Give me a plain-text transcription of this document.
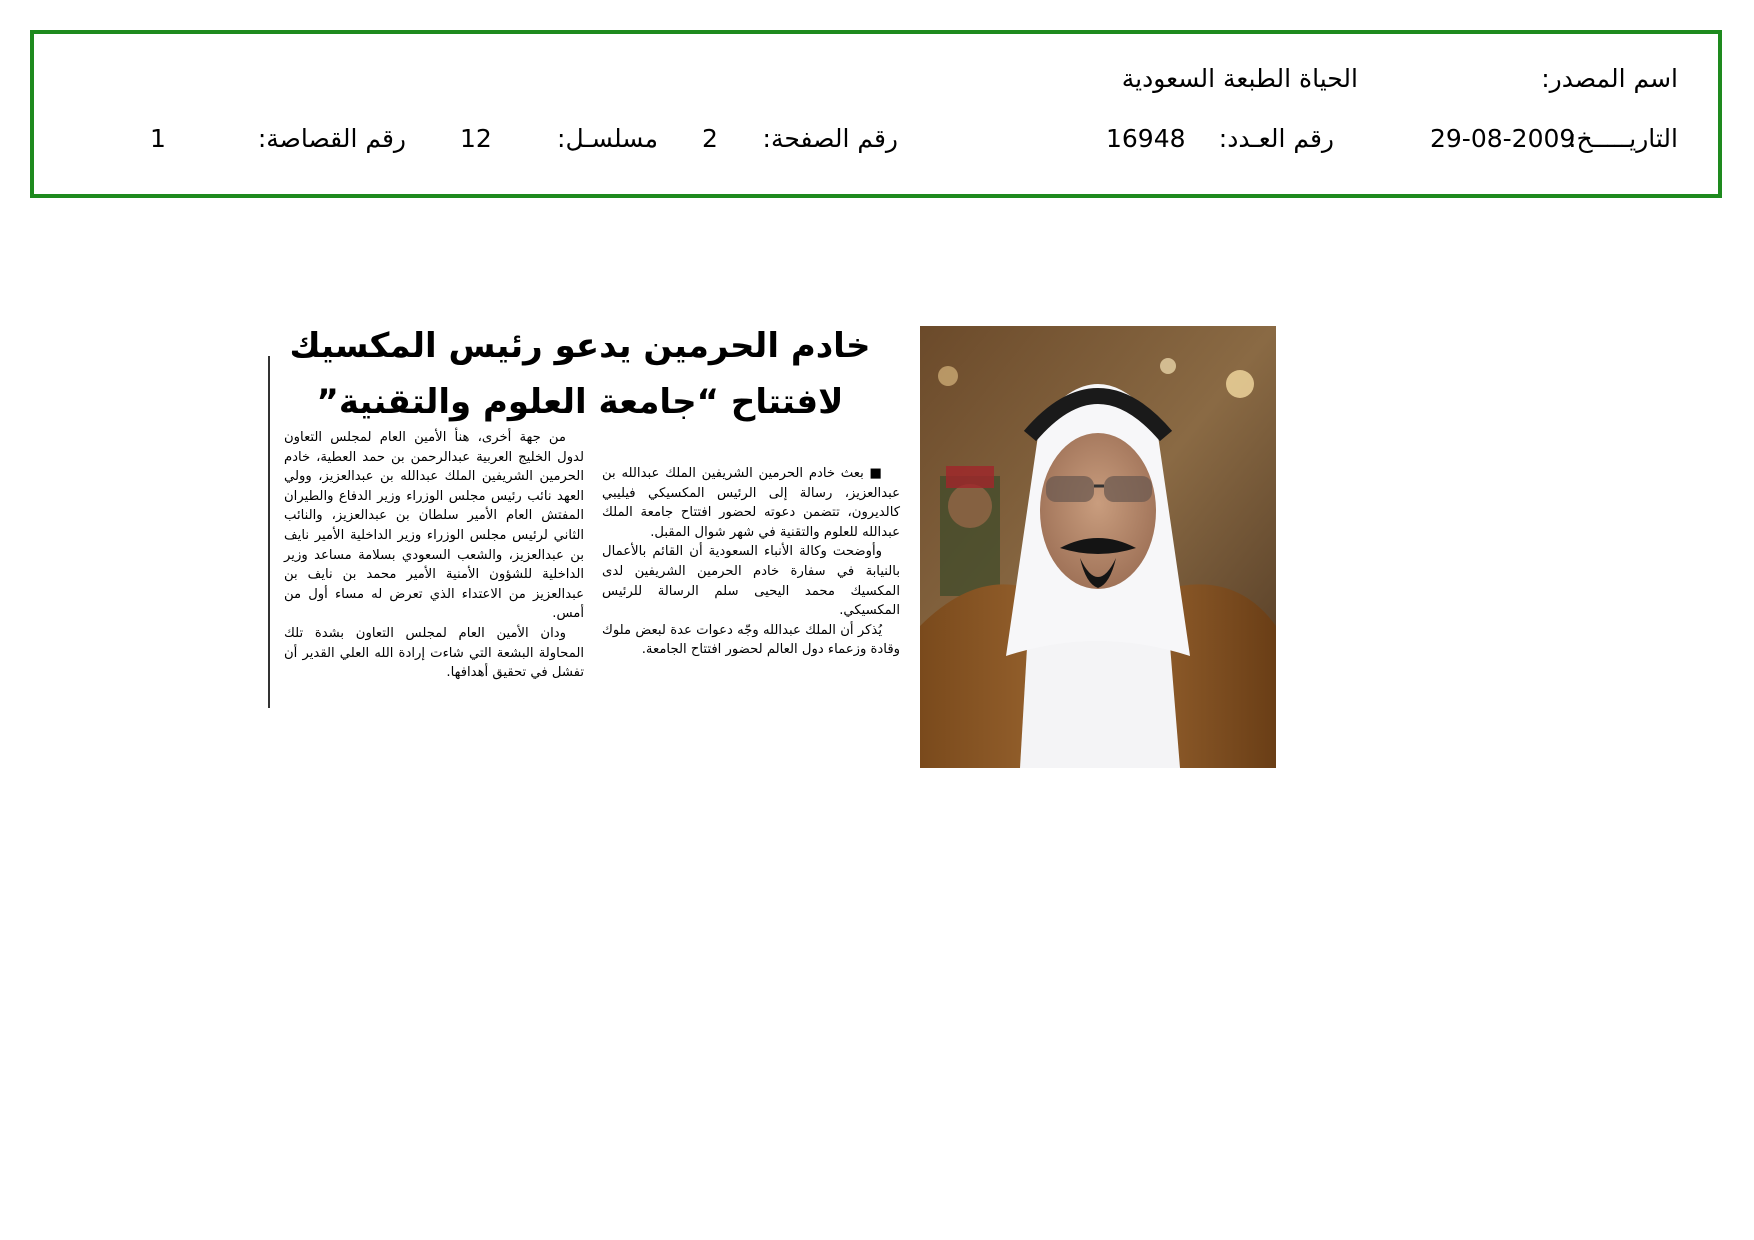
اسم المصدر:
الحياة الطبعة السعودية
التاريـــــخ:
29-08-2009
رقم العـدد:
16948
رقم الصفحة:
2
مسلسـل:
12
رقم القصاصة:
1
خادم الحرمين يدعو رئيس المكسيك
لافتتاح “جامعة العلوم والتقنية”

■ بعث خادم الحرمين الشريفين الملك عبدالله بن عبدالعزيز، رسالة إلى الرئيس المكسيكي فيليبي كالديرون، تتضمن دعوته لحضور افتتاح جامعة الملك عبدالله للعلوم والتقنية في شهر شوال المقبل.

وأوضحت وكالة الأنباء السعودية أن القائم بالأعمال بالنيابة في سفارة خادم الحرمين الشريفين لدى المكسيك محمد اليحيى سلم الرسالة للرئيس المكسيكي.

يُذكر أن الملك عبدالله وجّه دعوات عدة لبعض ملوك وقادة وزعماء دول العالم لحضور افتتاح الجامعة.

من جهة أخرى، هنأ الأمين العام لمجلس التعاون لدول الخليج العربية عبدالرحمن بن حمد العطية، خادم الحرمين الشريفين الملك عبدالله بن عبدالعزيز، وولي العهد نائب رئيس مجلس الوزراء وزير الدفاع والطيران المفتش العام الأمير سلطان بن عبدالعزيز، والنائب الثاني لرئيس مجلس الوزراء وزير الداخلية الأمير نايف بن عبدالعزيز، والشعب السعودي بسلامة مساعد وزير الداخلية للشؤون الأمنية الأمير محمد بن نايف بن عبدالعزيز من الاعتداء الذي تعرض له مساء أول من أمس.

ودان الأمين العام لمجلس التعاون بشدة تلك المحاولة البشعة التي شاءت إرادة الله العلي القدير أن تفشل في تحقيق أهدافها.
